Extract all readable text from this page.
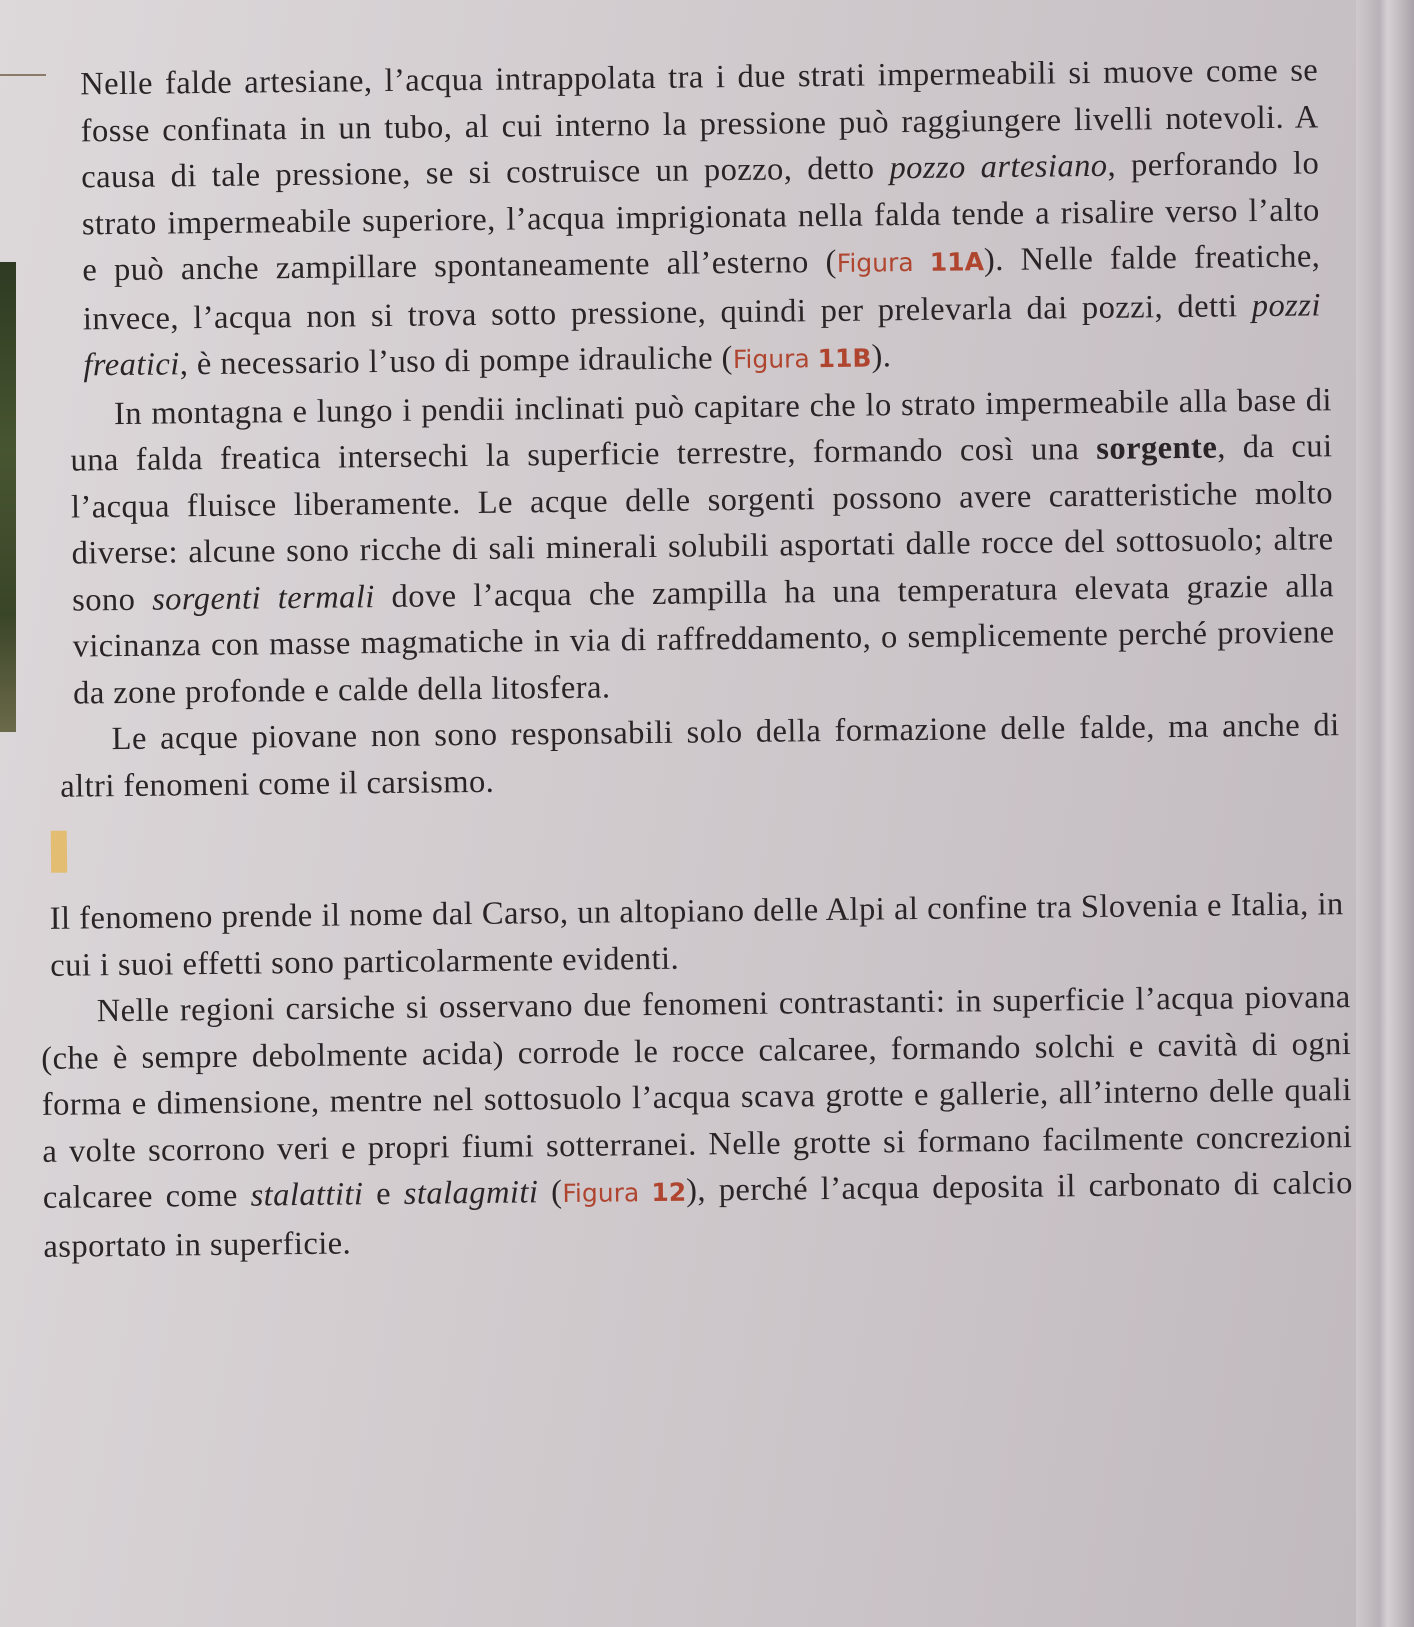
Nelle falde artesiane, l’acqua intrappolata tra i due strati impermeabili si muove come se fosse confinata in un tubo, al cui interno la pressione può raggiungere livelli notevoli. A causa di tale pressione, se si costruisce un pozzo, detto pozzo artesiano, perforando lo strato impermeabile superiore, l’acqua imprigionata nella falda tende a risalire verso l’alto e può anche zampillare spontaneamente all’esterno (Figura 11A). Nelle falde freatiche, invece, l’acqua non si trova sotto pressione, quindi per prelevarla dai pozzi, detti pozzi freatici, è necessario l’uso di pompe idrauliche (Figura 11B).

In montagna e lungo i pendii inclinati può capitare che lo strato impermeabile alla base di una falda freatica intersechi la superficie terrestre, formando così una sorgente, da cui l’acqua fluisce liberamente. Le acque delle sorgenti possono avere caratteristiche molto diverse: alcune sono ricche di sali minerali solubili asportati dalle rocce del sottosuolo; altre sono sorgenti termali dove l’acqua che zampilla ha una temperatura elevata grazie alla vicinanza con masse magmatiche in via di raffreddamento, o semplicemente perché proviene da zone profonde e calde della litosfera.

Le acque piovane non sono responsabili solo della formazione delle falde, ma anche di altri fenomeni come il carsismo.

Il fenomeno prende il nome dal Carso, un altopiano delle Alpi al confine tra Slovenia e Italia, in cui i suoi effetti sono particolarmente evidenti.

Nelle regioni carsiche si osservano due fenomeni contrastanti: in superficie l’acqua piovana (che è sempre debolmente acida) corrode le rocce calcaree, formando solchi e cavità di ogni forma e dimensione, mentre nel sottosuolo l’acqua scava grotte e gallerie, all’interno delle quali a volte scorrono veri e propri fiumi sotterranei. Nelle grotte si formano facilmente concrezioni calcaree come stalattiti e stalagmiti (Figura 12), perché l’acqua deposita il carbonato di calcio asportato in superficie.
